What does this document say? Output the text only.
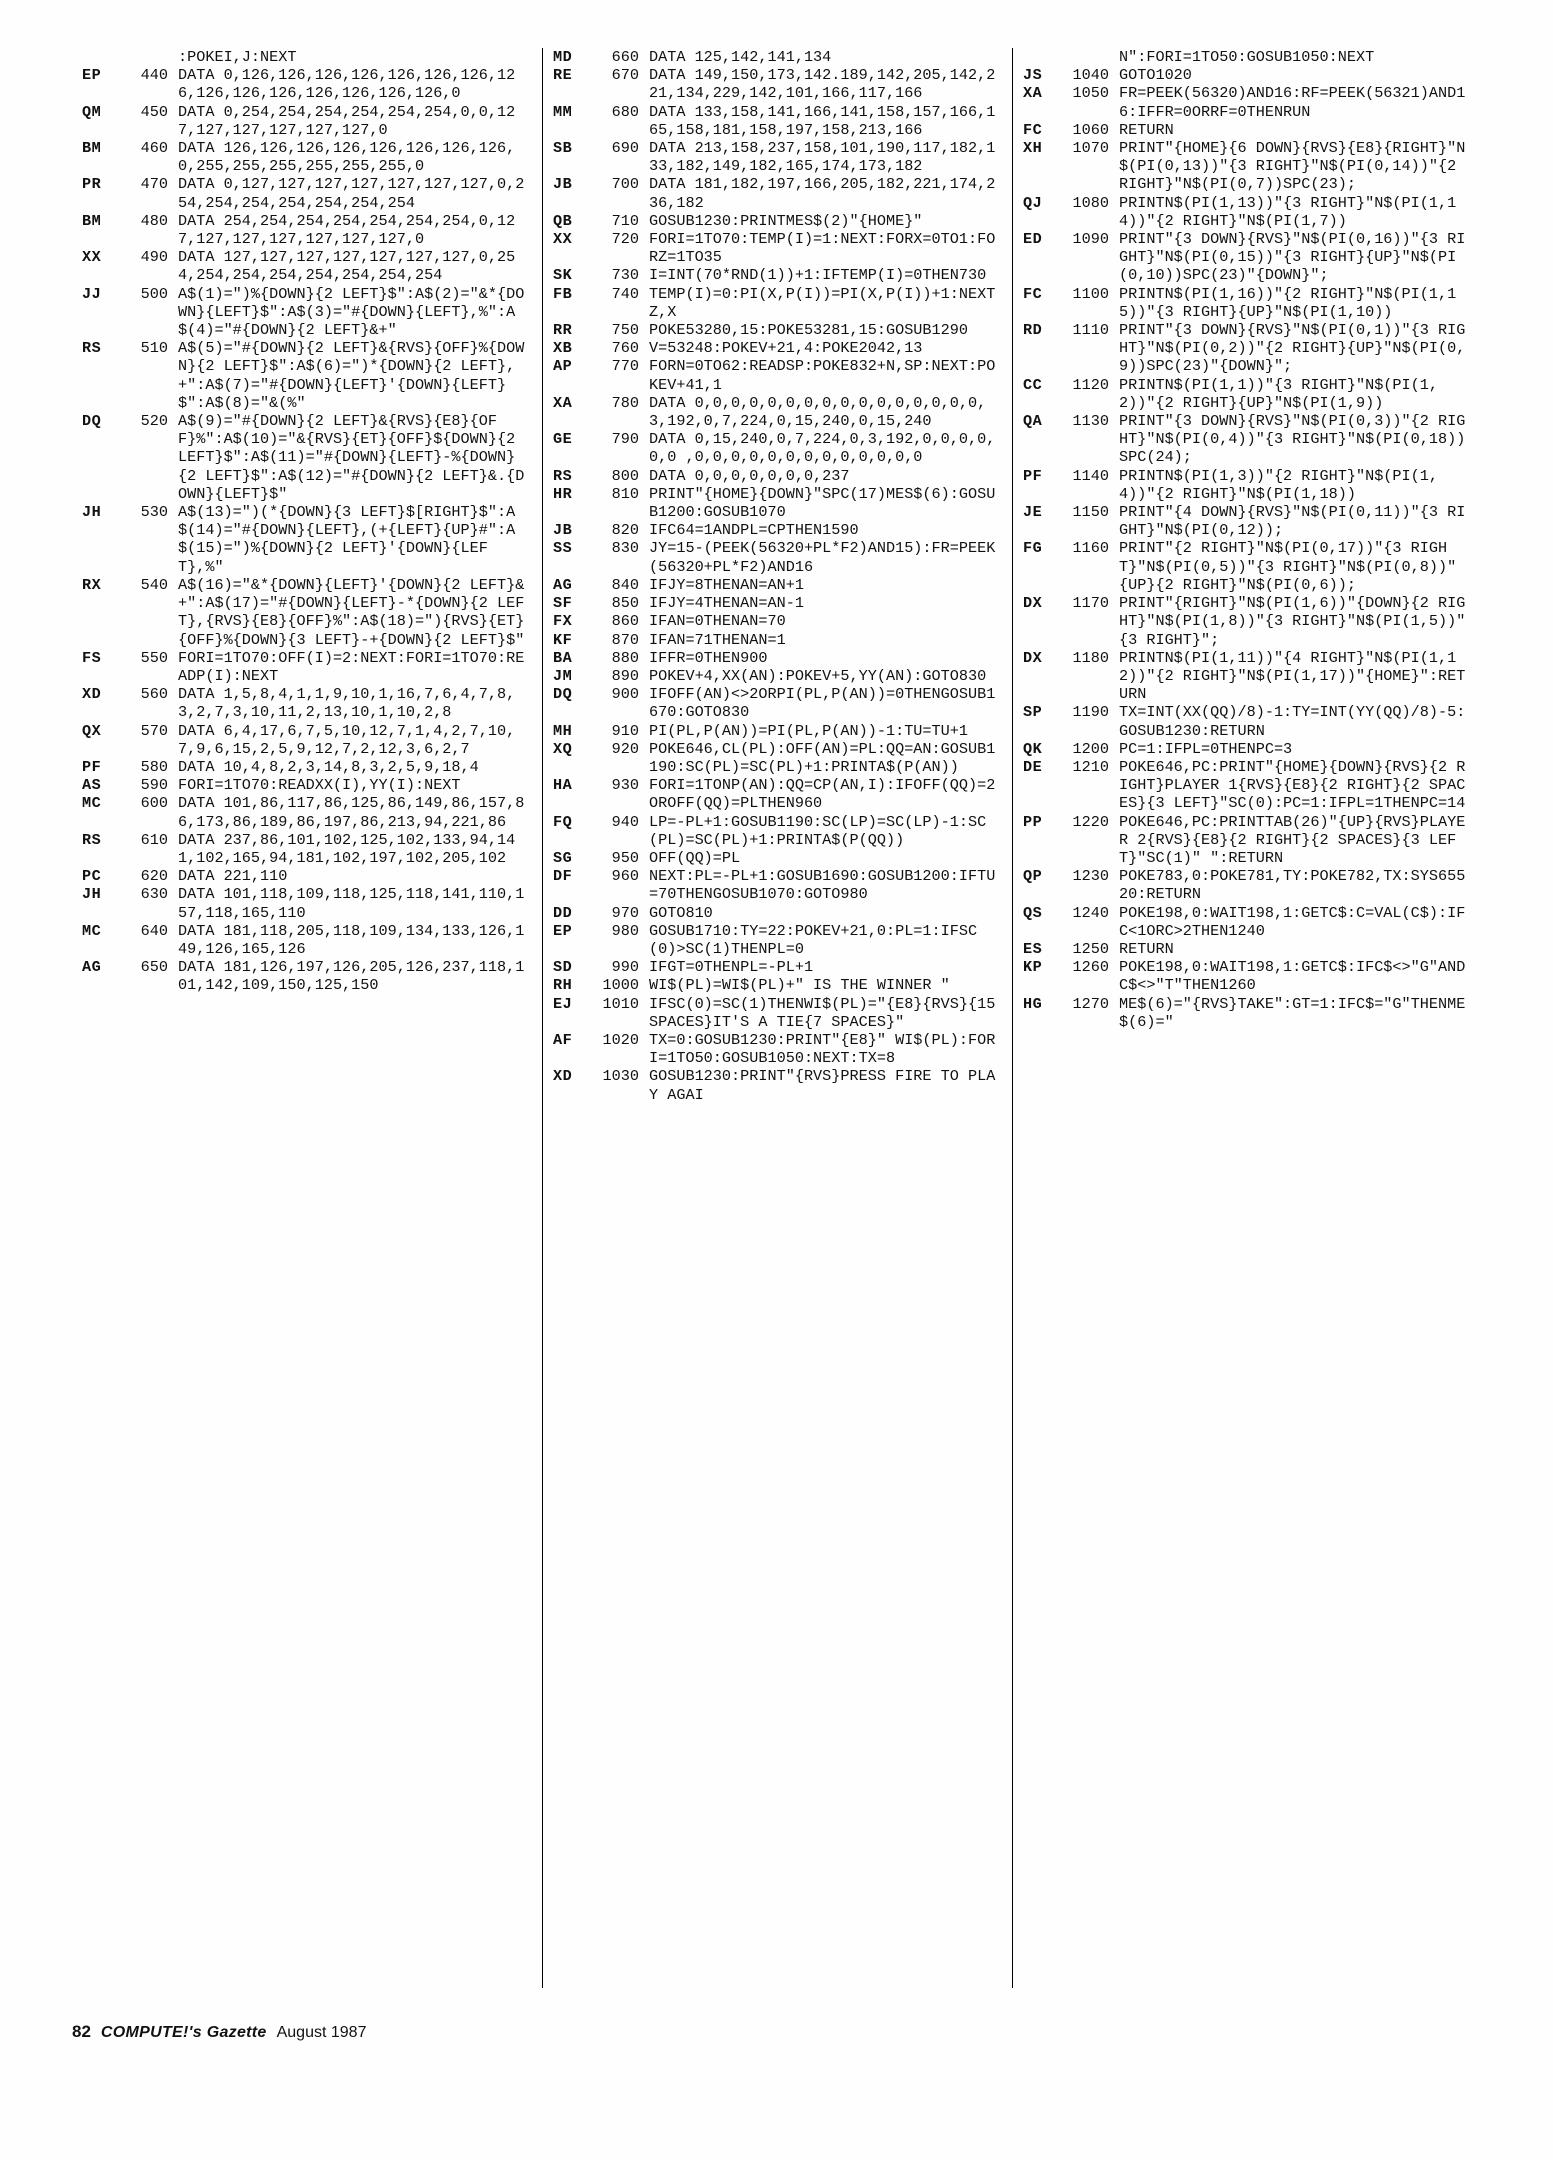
:POKEI,J:NEXT
EP	440 DATA 0,126,126,126,126,126,126,126,126,126,126,126,126,126,126,126,0
QM	450 DATA 0,254,254,254,254,254,254,0,0,127,127,127,127,127,127,0
BM	460 DATA 126,126,126,126,126,126,126,126,0,255,255,255,255,255,255,0
PR	470 DATA 0,127,127,127,127,127,127,127,0,254,254,254,254,254,254,254
BM	480 DATA 254,254,254,254,254,254,254,0,127,127,127,127,127,127,127,0
XX	490 DATA 127,127,127,127,127,127,127,0,254,254,254,254,254,254,254,254
JJ	500 A$(1)=")%{DOWN}{2 LEFT}$":A$(2)="&*{DOWN}{LEFT}$":A$(3)="#{DOWN}{LEFT},%":A$(4)="#{DOWN}{2 LEFT}&+"
RS	510 A$(5)="#{DOWN}{2 LEFT}&{RVS}{OFF}%{DOWN}{2 LEFT}$":A$(6)=")*{DOWN}{2 LEFT},+":A$(7)="#{DOWN}{LEFT}'{DOWN}{LEFT}$":A$(8)="&(%"
DQ	520 A$(9)="#{DOWN}{2 LEFT}&{RVS}{E8}{OFF}%":A$(10)="&{RVS}{ET}{OFF}${DOWN}{2 LEFT}$":A$(11)="#{DOWN}{LEFT}-%{DOWN}{2 LEFT}$":A$(12)="#{DOWN}{2 LEFT}&.{DOWN}{LEFT}$"
JH	530 A$(13)=")(*{DOWN}{3 LEFT}$[RIGHT}$":A$(14)="#{DOWN}{LEFT},(+{LEFT}{UP}#":A$(15)=")%{DOWN}{2 LEFT}'{DOWN}{LEFT},%"
RX	540 A$(16)="&*{DOWN}{LEFT}'{DOWN}{2 LEFT}&+":A$(17)="#{DOWN}{LEFT}-*{DOWN}{2 LEFT},{RVS}{E8}{OFF}%":A$(18)="){RVS}{ET}{OFF}%{DOWN}{3 LEFT}-+{DOWN}{2 LEFT}$"
FS	550 FORI=1TO70:OFF(I)=2:NEXT:FORI=1TO70:READP(I):NEXT
XD	560 DATA 1,5,8,4,1,1,9,10,1,16,7,6,4,7,8,3,2,7,3,10,11,2,13,10,1,10,2,8
QX	570 DATA 6,4,17,6,7,5,10,12,7,1,4,2,7,10,7,9,6,15,2,5,9,12,7,2,12,3,6,2,7
PF	580 DATA 10,4,8,2,3,14,8,3,2,5,9,18,4
AS	590 FORI=1TO70:READXX(I),YY(I):NEXT
MC	600 DATA 101,86,117,86,125,86,149,86,157,86,173,86,189,86,197,86,213,94,221,86
RS	610 DATA 237,86,101,102,125,102,133,94,141,102,165,94,181,102,197,102,205,102
PC	620 DATA 221,110
JH	630 DATA 101,118,109,118,125,118,141,110,157,118,165,110
MC	640 DATA 181,118,205,118,109,134,133,126,149,126,165,126
AG	650 DATA 181,126,197,126,205,126,237,118,101,142,109,150,125,150
MD	660 DATA 125,142,141,134
RE	670 DATA 149,150,173,142.189,142,205,142,221,134,229,142,101,166,117,166
MM	680 DATA 133,158,141,166,141,158,157,166,165,158,181,158,197,158,213,166
SB	690 DATA 213,158,237,158,101,190,117,182,133,182,149,182,165,174,173,182
JB	700 DATA 181,182,197,166,205,182,221,174,236,182
QB	710 GOSUB1230:PRINTMES$(2)"{HOME}"
XX	720 FORI=1TO70:TEMP(I)=1:NEXT:FORX=0TO1:FORZ=1TO35
SK	730 I=INT(70*RND(1))+1:IFTEMP(I)=0THEN730
FB	740 TEMP(I)=0:PI(X,P(I))=PI(X,P(I))+1:NEXTZ,X
RR	750 POKE53280,15:POKE53281,15:GOSUB1290
XB	760 V=53248:POKEV+21,4:POKE2042,13
AP	770 FORN=0TO62:READSP:POKE832+N,SP:NEXT:POKEV+41,1
XA	780 DATA 0,0,0,0,0,0,0,0,0,0,0,0,0,0,0,0,3,192,0,7,224,0,15,240,0,15,240
GE	790 DATA 0,15,240,0,7,224,0,3,192,0,0,0,0,0,0 ,0,0,0,0,0,0,0,0,0,0,0,0,0
RS	800 DATA 0,0,0,0,0,0,0,237
HR	810 PRINT"{HOME}{DOWN}"SPC(17)MES$(6):GOSUB1200:GOSUB1070
JB	820 IFC64=1ANDPL=CPTHEN1590
SS	830 JY=15-(PEEK(56320+PL*F2)AND15):FR=PEEK(56320+PL*F2)AND16
AG	840 IFJY=8THENAN=AN+1
SF	850 IFJY=4THENAN=AN-1
FX	860 IFAN=0THENAN=70
KF	870 IFAN=71THENAN=1
BA	880 IFFR=0THEN900
JM	890 POKEV+4,XX(AN):POKEV+5,YY(AN):GOTO830
DQ	900 IFOFF(AN)<>2ORPI(PL,P(AN))=0THENGOSUB1670:GOTO830
MH	910 PI(PL,P(AN))=PI(PL,P(AN))-1:TU=TU+1
XQ	920 POKE646,CL(PL):OFF(AN)=PL:QQ=AN:GOSUB1190:SC(PL)=SC(PL)+1:PRINTA$(P(AN))
HA	930 FORI=1TONP(AN):QQ=CP(AN,I):IFOFF(QQ)=2OROFF(QQ)=PLTHEN960
FQ	940 LP=-PL+1:GOSUB1190:SC(LP)=SC(LP)-1:SC(PL)=SC(PL)+1:PRINTA$(P(QQ))
SG	950 OFF(QQ)=PL
DF	960 NEXT:PL=-PL+1:GOSUB1690:GOSUB1200:IFTU=70THENGOSUB1070:GOTO980
DD	970 GOTO810
EP	980 GOSUB1710:TY=22:POKEV+21,0:PL=1:IFSC(0)>SC(1)THENPL=0
SD	990 IFGT=0THENPL=-PL+1
RH	1000 WI$(PL)=WI$(PL)+" IS THE WINNER "
EJ	1010 IFSC(0)=SC(1)THENWI$(PL)="{E8}{RVS}{15 SPACES}IT'S A TIE{7 SPACES}"
AF	1020 TX=0:GOSUB1230:PRINT"{E8}" WI$(PL):FORI=1TO50:GOSUB1050:NEXT:TX=8
XD	1030 GOSUB1230:PRINT"{RVS}PRESS FIRE TO PLAY AGAI
N":FORI=1TO50:GOSUB1050:NEXT
JS	1040 GOTO1020
XA	1050 FR=PEEK(56320)AND16:RF=PEEK(56321)AND16:IFFR=0ORRF=0THENRUN
FC	1060 RETURN
XH	1070 PRINT"{HOME}{6 DOWN}{RVS}{E8}{RIGHT}"N$(PI(0,13))"{3 RIGHT}"N$(PI(0,14))"{2 RIGHT}"N$(PI(0,7))SPC(23);
QJ	1080 PRINTN$(PI(1,13))"{3 RIGHT}"N$(PI(1,14))"{2 RIGHT}"N$(PI(1,7))
ED	1090 PRINT"{3 DOWN}{RVS}"N$(PI(0,16))"{3 RIGHT}"N$(PI(0,15))"{3 RIGHT}{UP}"N$(PI(0,10))SPC(23)"{DOWN}";
FC	1100 PRINTN$(PI(1,16))"{2 RIGHT}"N$(PI(1,15))"{3 RIGHT}{UP}"N$(PI(1,10))
RD	1110 PRINT"{3 DOWN}{RVS}"N$(PI(0,1))"{3 RIGHT}"N$(PI(0,2))"{2 RIGHT}{UP}"N$(PI(0,9))SPC(23)"{DOWN}";
CC	1120 PRINTN$(PI(1,1))"{3 RIGHT}"N$(PI(1,2))"{2 RIGHT}{UP}"N$(PI(1,9))
QA	1130 PRINT"{3 DOWN}{RVS}"N$(PI(0,3))"{2 RIGHT}"N$(PI(0,4))"{3 RIGHT}"N$(PI(0,18))SPC(24);
PF	1140 PRINTN$(PI(1,3))"{2 RIGHT}"N$(PI(1,4))"{2 RIGHT}"N$(PI(1,18))
JE	1150 PRINT"{4 DOWN}{RVS}"N$(PI(0,11))"{3 RIGHT}"N$(PI(0,12));
FG	1160 PRINT"{2 RIGHT}"N$(PI(0,17))"{3 RIGHT}"N$(PI(0,5))"{3 RIGHT}"N$(PI(0,8))"{UP}{2 RIGHT}"N$(PI(0,6));
DX	1170 PRINT"{RIGHT}"N$(PI(1,6))"{DOWN}{2 RIGHT}"N$(PI(1,8))"{3 RIGHT}"N$(PI(1,5))"{3 RIGHT}";
DX	1180 PRINTN$(PI(1,11))"{4 RIGHT}"N$(PI(1,12))"{2 RIGHT}"N$(PI(1,17))"{HOME}":RETURN
SP	1190 TX=INT(XX(QQ)/8)-1:TY=INT(YY(QQ)/8)-5:GOSUB1230:RETURN
QK	1200 PC=1:IFPL=0THENPC=3
DE	1210 POKE646,PC:PRINT"{HOME}{DOWN}{RVS}{2 RIGHT}PLAYER 1{RVS}{E8}{2 RIGHT}{2 SPACES}{3 LEFT}"SC(0):PC=1:IFPL=1THENPC=14
PP	1220 POKE646,PC:PRINTTAB(26)"{UP}{RVS}PLAYER 2{RVS}{E8}{2 RIGHT}{2 SPACES}{3 LEFT}"SC(1)" ":RETURN
QP	1230 POKE783,0:POKE781,TY:POKE782,TX:SYS65520:RETURN
QS	1240 POKE198,0:WAIT198,1:GETC$:C=VAL(C$):IFC<1ORC>2THEN1240
ES	1250 RETURN
KP	1260 POKE198,0:WAIT198,1:GETC$:IFC$<>"G"ANDC$<>"T"THEN1260
HG	1270 ME$(6)="{RVS}TAKE":GT=1:IFC$="G"THENME$(6)="
82 COMPUTE!'s Gazette August 1987
